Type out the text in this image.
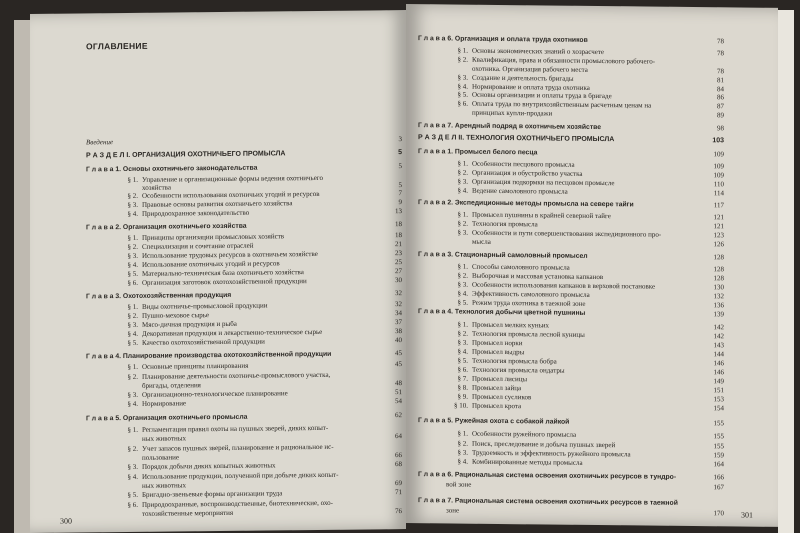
ОГЛАВЛЕНИЕ
Введение	3
Р А З Д Е Л I. ОРГАНИЗАЦИЯ ОХОТНИЧЬЕГО ПРОМЫСЛА	5
Г л а в а 1. Основы охотничьего законодательства	5
§ 1. Управление и организационные формы ведения охотничьего
хозяйства	5
§ 2. Особенности использования охотничьих угодий и ресурсов	7
§ 3. Правовые основы развития охотничьего хозяйства	9
§ 4. Природоохранное законодательство	13
Г л а в а 2. Организация охотничьего хозяйства	18
§ 1. Принципы организации промысловых хозяйств	18
§ 2. Специализация и сочетание отраслей	21
§ 3. Использование трудовых ресурсов в охотничьем хозяйстве	23
§ 4. Использование охотничьих угодий и ресурсов	25
§ 5. Материально-техническая база охотничьего хозяйства	27
§ 6. Организация заготовок охотохозяйственной продукции	30
Г л а в а 3. Охотохозяйственная продукция	32
§ 1. Виды охотничье-промысловой продукции	32
§ 2. Пушно-меховое сырье	34
§ 3. Мясо-дичная продукция и рыба	37
§ 4. Декоративная продукция и лекарственно-техническое сырье	38
§ 5. Качество охотохозяйственной продукции	40
Г л а в а 4. Планирование производства охотохозяйственной продукции	45
§ 1. Основные принципы планирования	45
§ 2. Планирование деятельности охотничье-промыслового участка,
бригады, отделения	48
§ 3. Организационно-технологическое планирование	51
§ 4. Нормирование	54
Г л а в а 5. Организация охотничьего промысла	62
§ 1. Регламентация правил охоты на пушных зверей, диких копыт-
ных животных	64
§ 2. Учет запасов пушных зверей, планирование и рациональное ис-
пользование	66
§ 3. Порядок добычи диких копытных животных	68
§ 4. Использование продукции, полученной при добыче диких копыт-
ных животных	69
§ 5. Бригадно-звеньевые формы организации труда	71
§ 6. Природоохранные, воспроизводственные, биотехнические, охо-
тохозяйственные мероприятия	76
300
Г л а в а 6. Организация и оплата труда охотников	78
§ 1. Основы экономических знаний о хозрасчете	78
§ 2. Квалификация, права и обязанности промыслового рабочего-
охотника. Организация рабочего места	78
§ 3. Создание и деятельность бригады	81
§ 4. Нормирование и оплата труда охотника	84
§ 5. Основы организации и оплаты труда в бригаде	86
§ 6. Оплата труда по внутрихозяйственным расчетным ценам на	87
принципах купли-продажи	89
Г л а в а 7. Арендный подряд в охотничьем хозяйстве	98
Р А З Д Е Л II. ТЕХНОЛОГИЯ ОХОТНИЧЬЕГО ПРОМЫСЛА	103
Г л а в а 1. Промысел белого песца	109
§ 1. Особенности песцового промысла	109
§ 2. Организация и обустройство участка	109
§ 3. Организация подкормки на песцовом промысле	110
§ 4. Ведение самоловного промысла	114
Г л а в а 2. Экспедиционные методы промысла на севере тайги	117
§ 1. Промысел пушнины в крайней северной тайге	121
§ 2. Технология промысла	121
§ 3. Особенности и пути совершенствования экспедиционного про-	123
мысла	126
Г л а в а 3. Стационарный самоловный промысел	128
§ 1. Способы самоловного промысла	128
§ 2. Выборочная и массовая установка капканов	128
§ 3. Особенности использования капканов в верховой постановке	130
§ 4. Эффективность самоловного промысла	132
§ 5. Режим труда охотника в таежной зоне	136
Г л а в а 4. Технология добычи цветной пушнины	139
§ 1. Промысел мелких куньих	142
§ 2. Технология промысла лесной куницы	142
§ 3. Промысел норки	143
§ 4. Промысел выдры	144
§ 5. Технология промысла бобра	146
§ 6. Технология промысла ондатры	146
§ 7. Промысел лисицы	149
§ 8. Промысел зайца	151
§ 9. Промысел сусликов	153
§ 10. Промысел крота	154
Г л а в а 5. Ружейная охота с собакой лайкой	155
§ 1. Особенности ружейного промысла	155
§ 2. Поиск, преследование и добыча пушных зверей	155
§ 3. Трудоемкость и эффективность ружейного промысла	159
§ 4. Комбинированные методы промысла	164
Г л а в а 6. Рациональная система освоения охотничьих ресурсов в тундро-	166
вой зоне	167
Г л а в а 7. Рациональная система освоения охотничьих ресурсов в таежной
зоне	170 301
